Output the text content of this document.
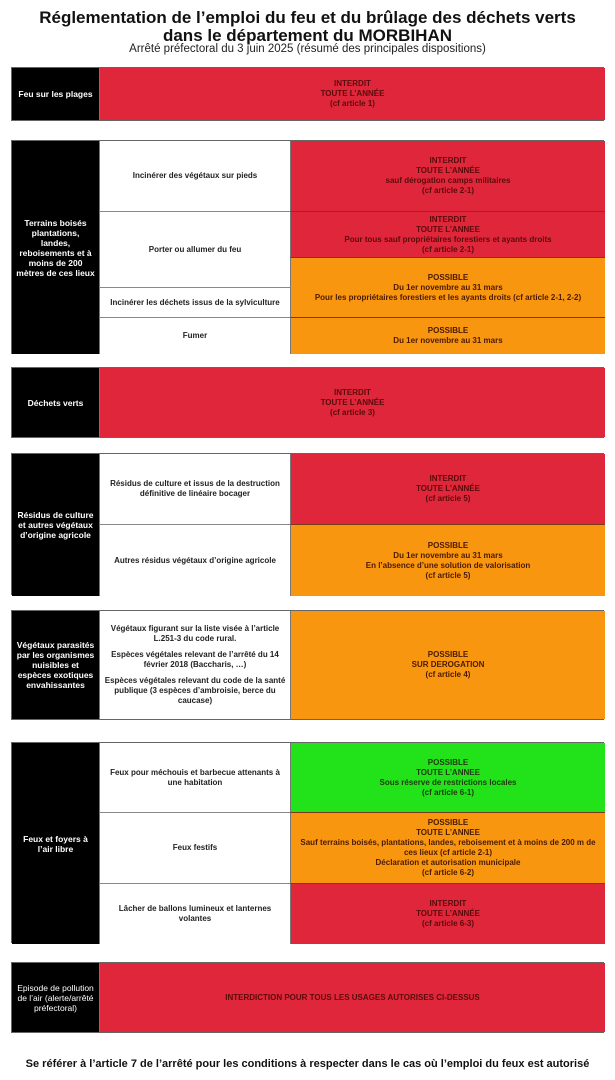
Réglementation de l’emploi du feu et du brûlage des déchets verts
dans le département du MORBIHAN
Arrêté préfectoral du 3 juin 2025 (résumé des principales dispositions)
Feu sur les plages
INTERDIT
TOUTE L’ANNÉE
(cf article 1)
Terrains boisés plantations, landes, reboisements et à moins de 200 mètres de ces lieux
Incinérer des végétaux sur pieds
Porter ou allumer du feu
Incinérer les déchets issus de la sylviculture
Fumer
INTERDIT
TOUTE L’ANNÉE
sauf dérogation camps militaires
(cf article 2-1)
INTERDIT
TOUTE L’ANNEE
Pour tous sauf propriétaires forestiers et ayants droits
(cf article 2-1)
POSSIBLE
Du 1er novembre au 31 mars
Pour les propriétaires forestiers et les ayants droits (cf article 2-1, 2-2)
POSSIBLE
Du 1er novembre au 31 mars
Déchets verts
INTERDIT
TOUTE L’ANNÉE
(cf article 3)
Résidus de culture et autres végétaux d’origine agricole
Résidus de culture et issus de la destruction définitive de linéaire bocager
INTERDIT
TOUTE L’ANNÉE
(cf article 5)
Autres résidus végétaux d’origine agricole
POSSIBLE
Du 1er novembre au 31 mars
En l’absence d’une solution de valorisation
(cf article 5)
Végétaux parasités par les organismes nuisibles et espèces exotiques envahissantes

Végétaux figurant sur la liste visée à l’article L.251-3 du code rural.

Espèces végétales relevant de l’arrêté du 14 février 2018 (Baccharis, …)

Espèces végétales relevant du code de la santé publique (3 espèces d’ambroisie, berce du caucase)

POSSIBLE
SUR DEROGATION
(cf article 4)
Feux et foyers à l’air libre
Feux pour méchouis et barbecue attenants à une habitation
POSSIBLE
TOUTE L’ANNEE
Sous réserve de restrictions locales
(cf article 6-1)
Feux festifs
POSSIBLE
TOUTE L’ANNEE
Sauf terrains boisés, plantations, landes, reboisement et à moins de 200 m de ces lieux (cf article 2-1)
Déclaration et autorisation municipale
(cf article 6-2)
Lâcher de ballons lumineux et lanternes volantes
INTERDIT
TOUTE L’ANNÉE
(cf article 6-3)
Episode de pollution de l’air (alerte/arrêté préfectoral)
INTERDICTION POUR TOUS LES USAGES AUTORISES CI-DESSUS
Se référer à l’article 7 de l’arrêté pour les conditions à respecter dans le cas où l’emploi du feux est autorisé
